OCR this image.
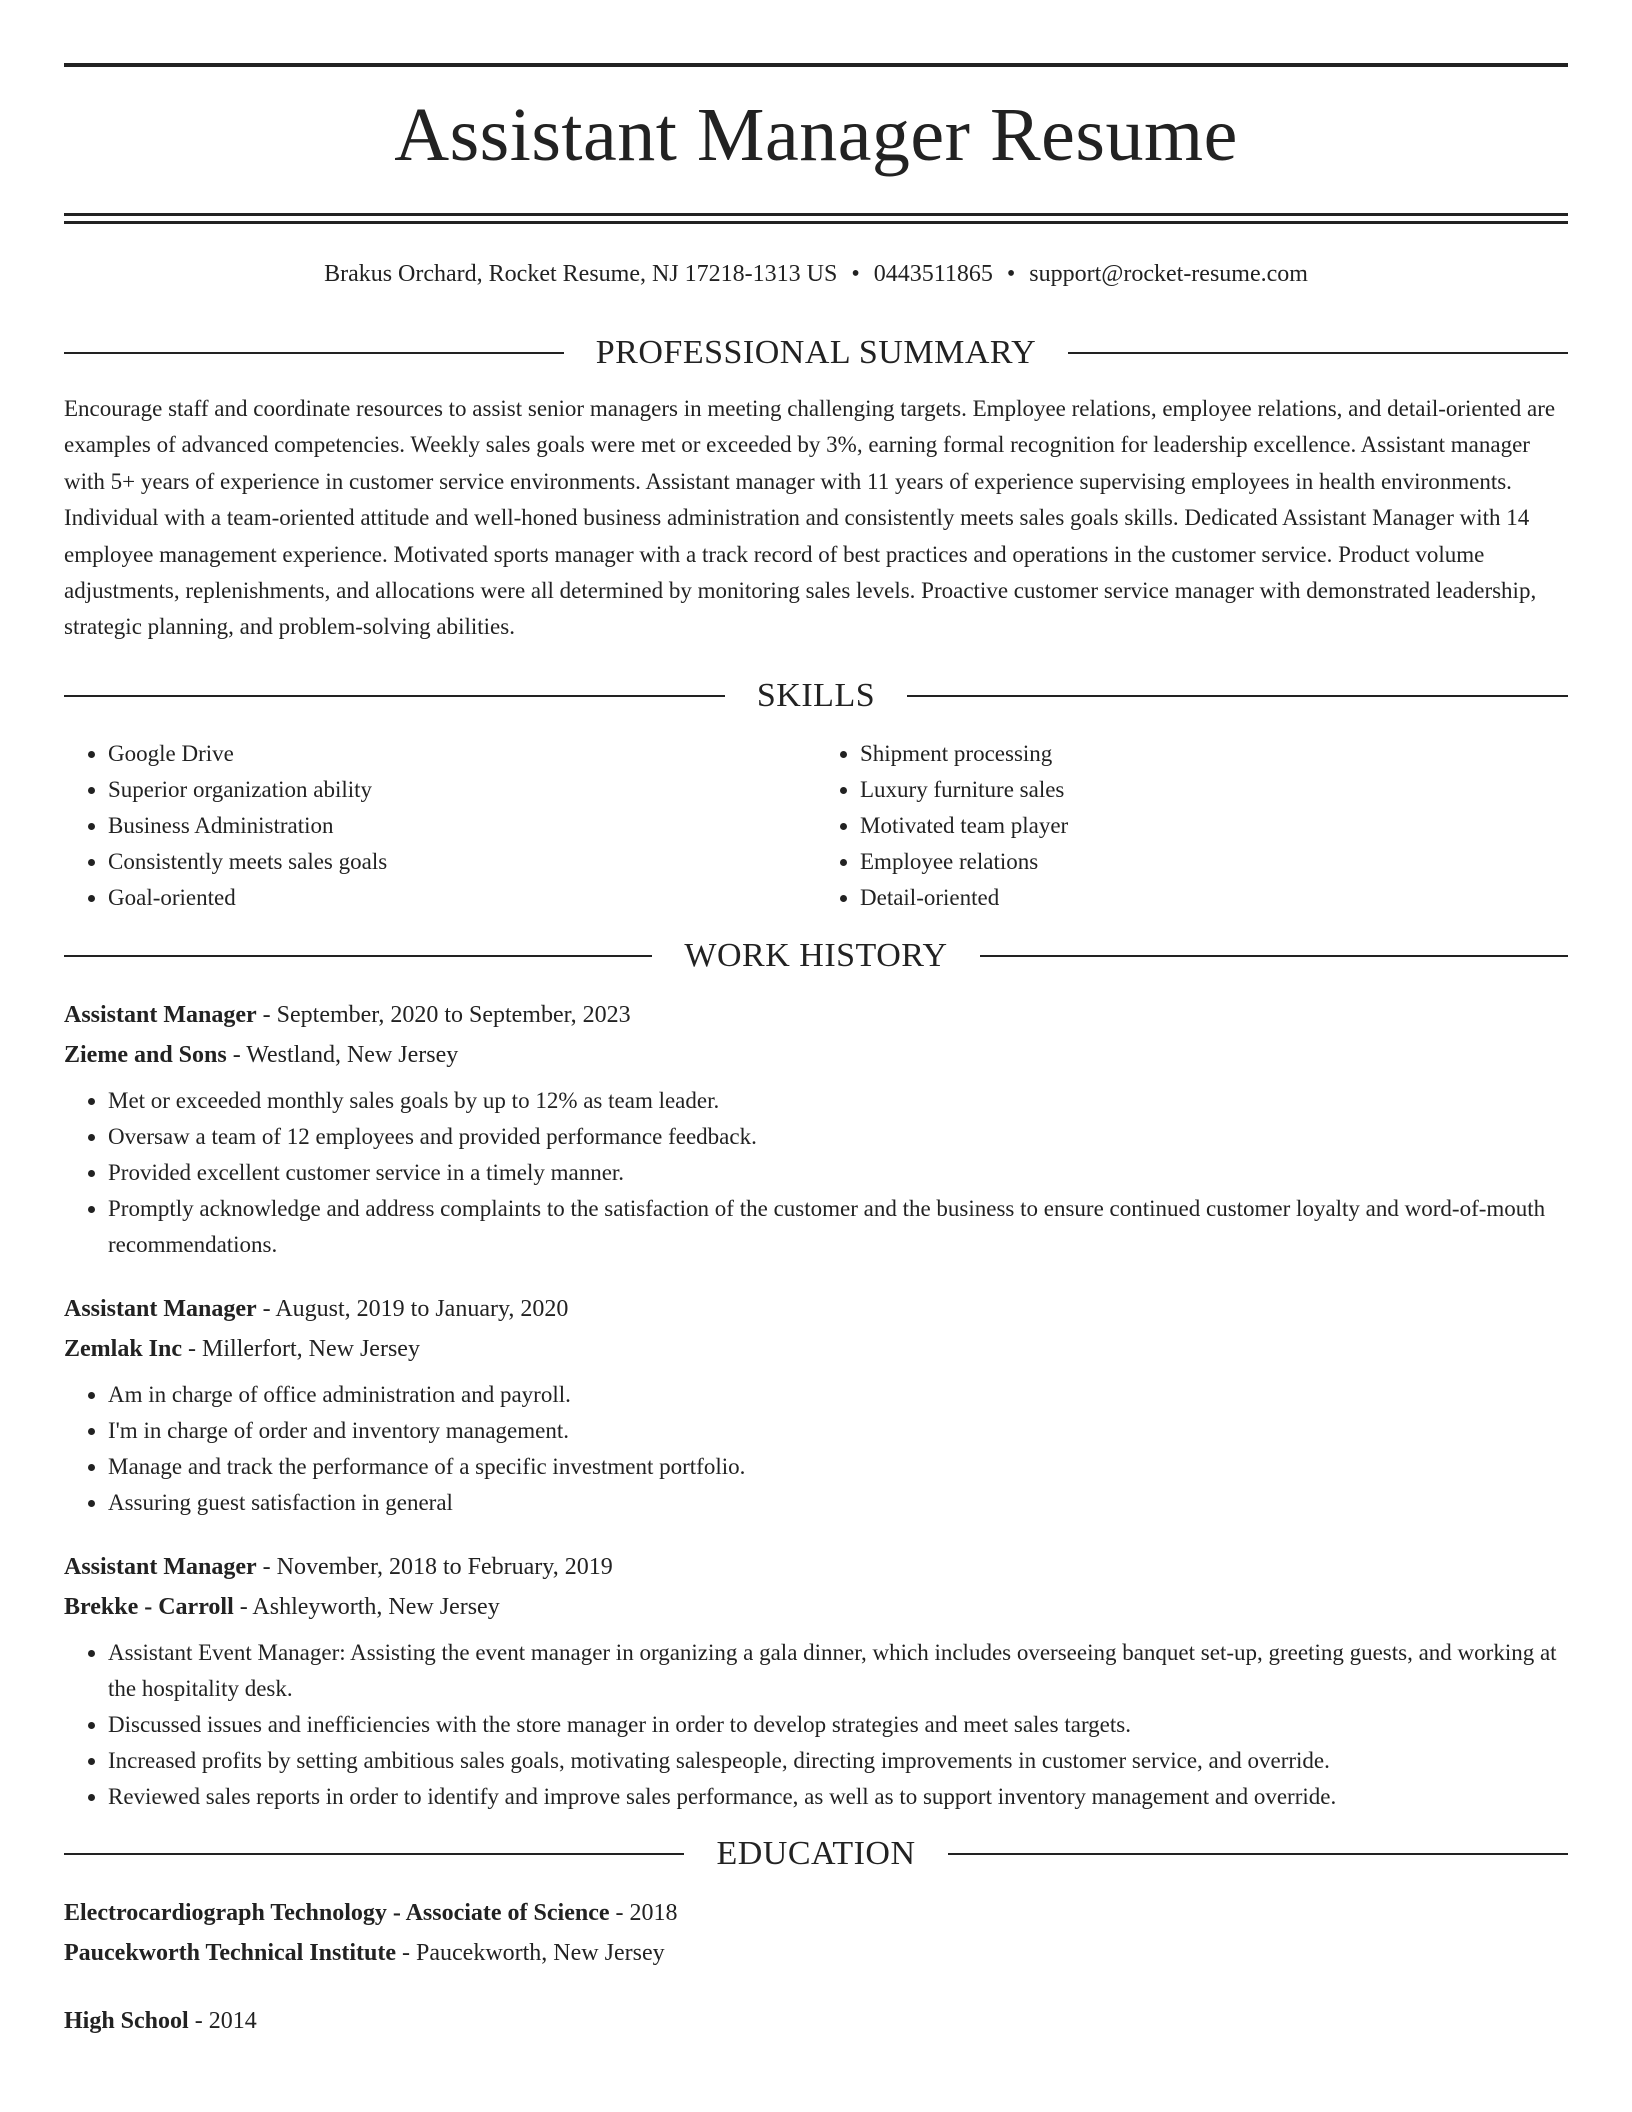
Assistant Manager Resume
Brakus Orchard, Rocket Resume, NJ 17218-1313 US • 0443511865 • support@rocket-resume.com
PROFESSIONAL SUMMARY

Encourage staff and coordinate resources to assist senior managers in meeting challenging targets. Employee relations, employee relations, and detail-oriented are examples of advanced competencies. Weekly sales goals were met or exceeded by 3%, earning formal recognition for leadership excellence. Assistant manager with 5+ years of experience in customer service environments. Assistant manager with 11 years of experience supervising employees in health environments. Individual with a team-oriented attitude and well-honed business administration and consistently meets sales goals skills. Dedicated Assistant Manager with 14 employee management experience. Motivated sports manager with a track record of best practices and operations in the customer service. Product volume adjustments, replenishments, and allocations were all determined by monitoring sales levels. Proactive customer service manager with demonstrated leadership, strategic planning, and problem-solving abilities.

SKILLS
• Google Drive
• Superior organization ability
• Business Administration
• Consistently meets sales goals
• Goal-oriented
• Shipment processing
• Luxury furniture sales
• Motivated team player
• Employee relations
• Detail-oriented
WORK HISTORY
Assistant Manager - September, 2020 to September, 2023
Zieme and Sons - Westland, New Jersey
• Met or exceeded monthly sales goals by up to 12% as team leader.
• Oversaw a team of 12 employees and provided performance feedback.
• Provided excellent customer service in a timely manner.
• Promptly acknowledge and address complaints to the satisfaction of the customer and the business to ensure continued customer loyalty and word-of-mouth recommendations.
Assistant Manager - August, 2019 to January, 2020
Zemlak Inc - Millerfort, New Jersey
• Am in charge of office administration and payroll.
• I'm in charge of order and inventory management.
• Manage and track the performance of a specific investment portfolio.
• Assuring guest satisfaction in general
Assistant Manager - November, 2018 to February, 2019
Brekke - Carroll - Ashleyworth, New Jersey
• Assistant Event Manager: Assisting the event manager in organizing a gala dinner, which includes overseeing banquet set-up, greeting guests, and working at the hospitality desk.
• Discussed issues and inefficiencies with the store manager in order to develop strategies and meet sales targets.
• Increased profits by setting ambitious sales goals, motivating salespeople, directing improvements in customer service, and override.
• Reviewed sales reports in order to identify and improve sales performance, as well as to support inventory management and override.
EDUCATION
Electrocardiograph Technology - Associate of Science - 2018
Paucekworth Technical Institute - Paucekworth, New Jersey
High School - 2014
